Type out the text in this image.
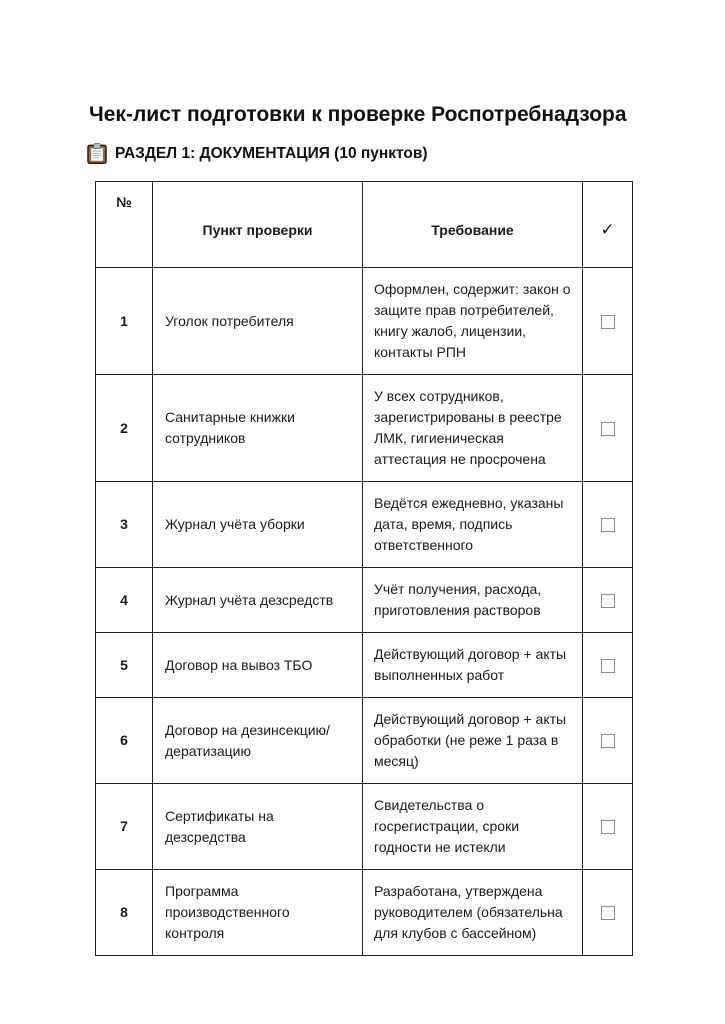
Чек-лист подготовки к проверке Роспотребнадзора
РАЗДЕЛ 1: ДОКУМЕНТАЦИЯ (10 пунктов)
№	Пункт проверки	Требование	✓
1	Уголок потребителя	Оформлен, содержит: закон о защите прав потребителей, книгу жалоб, лицензии, контакты РПН	
2	Санитарные книжки сотрудников	У всех сотрудников, зарегистрированы в реестре ЛМК, гигиеническая аттестация не просрочена	
3	Журнал учёта уборки	Ведётся ежедневно, указаны дата, время, подпись ответственного	
4	Журнал учёта дезсредств	Учёт получения, расхода, приготовления растворов	
5	Договор на вывоз ТБО	Действующий договор + акты выполненных работ	
6	Договор на дезинсекцию/дератизацию	Действующий договор + акты обработки (не реже 1 раза в месяц)	
7	Сертификаты на дезсредства	Свидетельства о госрегистрации, сроки годности не истекли	
8	Программа производственного контроля	Разработана, утверждена руководителем (обязательна для клубов с бассейном)	
